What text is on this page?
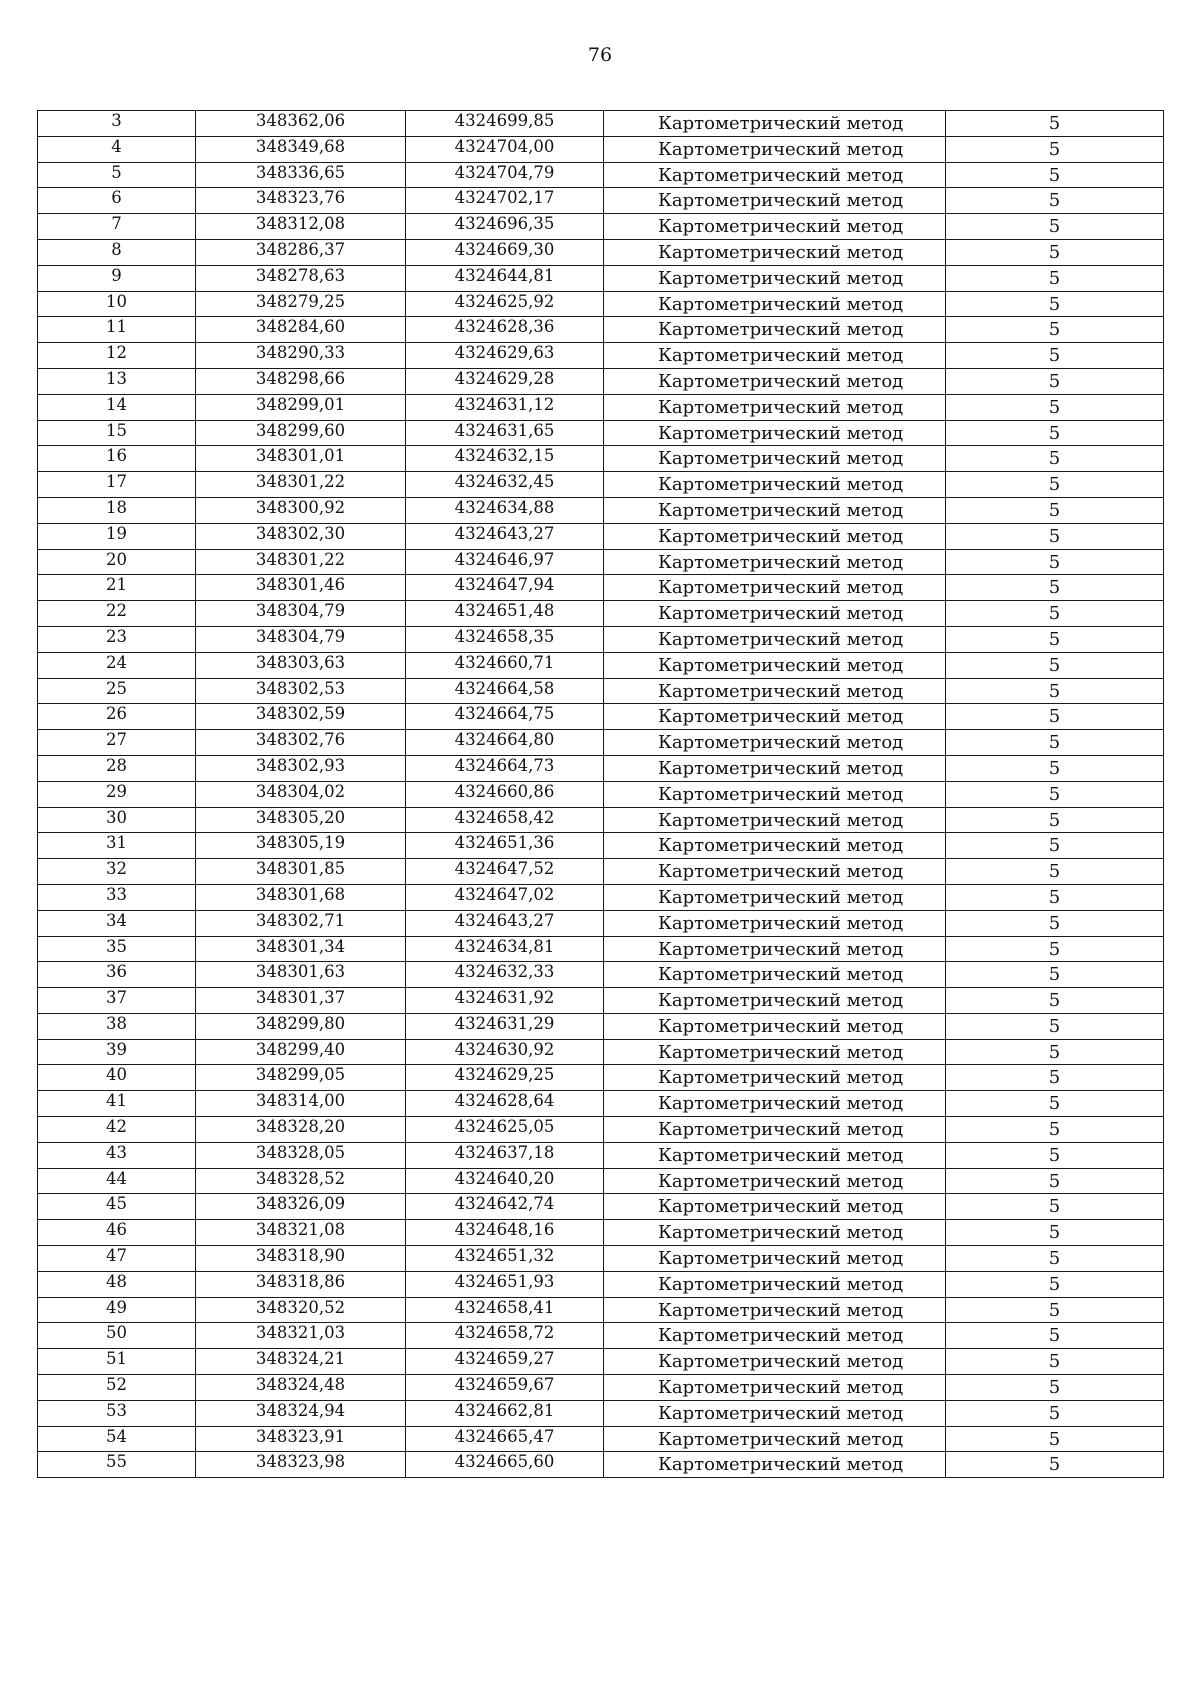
76
3	348362,06	4324699,85	Картометрический метод	5
4	348349,68	4324704,00	Картометрический метод	5
5	348336,65	4324704,79	Картометрический метод	5
6	348323,76	4324702,17	Картометрический метод	5
7	348312,08	4324696,35	Картометрический метод	5
8	348286,37	4324669,30	Картометрический метод	5
9	348278,63	4324644,81	Картометрический метод	5
10	348279,25	4324625,92	Картометрический метод	5
11	348284,60	4324628,36	Картометрический метод	5
12	348290,33	4324629,63	Картометрический метод	5
13	348298,66	4324629,28	Картометрический метод	5
14	348299,01	4324631,12	Картометрический метод	5
15	348299,60	4324631,65	Картометрический метод	5
16	348301,01	4324632,15	Картометрический метод	5
17	348301,22	4324632,45	Картометрический метод	5
18	348300,92	4324634,88	Картометрический метод	5
19	348302,30	4324643,27	Картометрический метод	5
20	348301,22	4324646,97	Картометрический метод	5
21	348301,46	4324647,94	Картометрический метод	5
22	348304,79	4324651,48	Картометрический метод	5
23	348304,79	4324658,35	Картометрический метод	5
24	348303,63	4324660,71	Картометрический метод	5
25	348302,53	4324664,58	Картометрический метод	5
26	348302,59	4324664,75	Картометрический метод	5
27	348302,76	4324664,80	Картометрический метод	5
28	348302,93	4324664,73	Картометрический метод	5
29	348304,02	4324660,86	Картометрический метод	5
30	348305,20	4324658,42	Картометрический метод	5
31	348305,19	4324651,36	Картометрический метод	5
32	348301,85	4324647,52	Картометрический метод	5
33	348301,68	4324647,02	Картометрический метод	5
34	348302,71	4324643,27	Картометрический метод	5
35	348301,34	4324634,81	Картометрический метод	5
36	348301,63	4324632,33	Картометрический метод	5
37	348301,37	4324631,92	Картометрический метод	5
38	348299,80	4324631,29	Картометрический метод	5
39	348299,40	4324630,92	Картометрический метод	5
40	348299,05	4324629,25	Картометрический метод	5
41	348314,00	4324628,64	Картометрический метод	5
42	348328,20	4324625,05	Картометрический метод	5
43	348328,05	4324637,18	Картометрический метод	5
44	348328,52	4324640,20	Картометрический метод	5
45	348326,09	4324642,74	Картометрический метод	5
46	348321,08	4324648,16	Картометрический метод	5
47	348318,90	4324651,32	Картометрический метод	5
48	348318,86	4324651,93	Картометрический метод	5
49	348320,52	4324658,41	Картометрический метод	5
50	348321,03	4324658,72	Картометрический метод	5
51	348324,21	4324659,27	Картометрический метод	5
52	348324,48	4324659,67	Картометрический метод	5
53	348324,94	4324662,81	Картометрический метод	5
54	348323,91	4324665,47	Картометрический метод	5
55	348323,98	4324665,60	Картометрический метод	5
